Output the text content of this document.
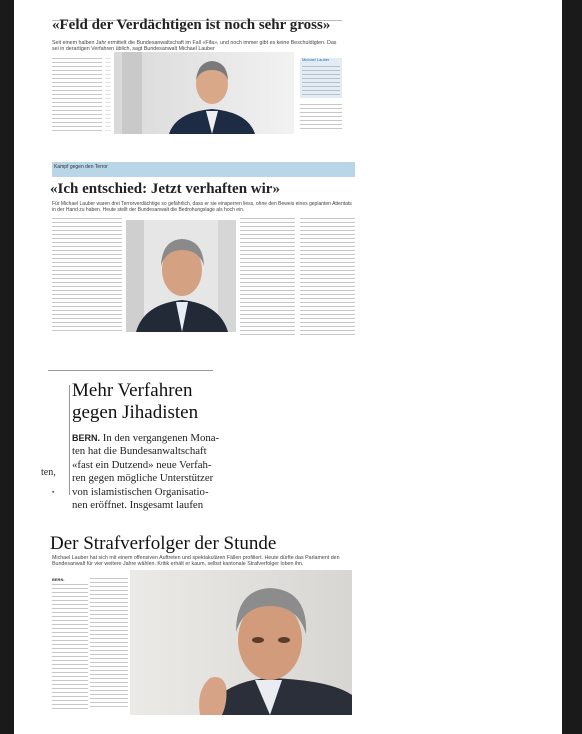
«Feld der Verdächtigen ist noch sehr gross»
Seit einem halben Jahr ermittelt die Bundesanwaltschaft im Fall «Fifa», und noch immer gibt es keine Beschuldigten. Das sei in derartigen Verfahren üblich, sagt Bundesanwalt Michael Lauber
Michael Lauber
Kampf gegen den Terror
«Ich entschied: Jetzt verhaften wir»
Für Michael Lauber waren drei Terrorverdächtige so gefährlich, dass er sie einsperren liess, ohne den Beweis eines geplanten Attentats in der Hand zu haben. Heute stellt der Bundesanwalt die Bedrohungslage als hoch ein.
Mehr Verfahren
gegen Jihadisten
BERN. In den vergangenen Mona-
ten hat die Bundesanwaltschaft
«fast ein Dutzend» neue Verfah-
ren gegen mögliche Unterstützer
von islamistischen Organisatio-
nen eröffnet. Insgesamt laufen
ten,
▪
Der Strafverfolger der Stunde
Michael Lauber hat sich mit einem offensiven Auftreten und spektakulären Fällen profiliert. Heute dürfte das Parlament den Bundesanwalt für vier weitere Jahre wählen. Kritik erhält er kaum, selbst kantonale Strafverfolger loben ihn.
BERN.
